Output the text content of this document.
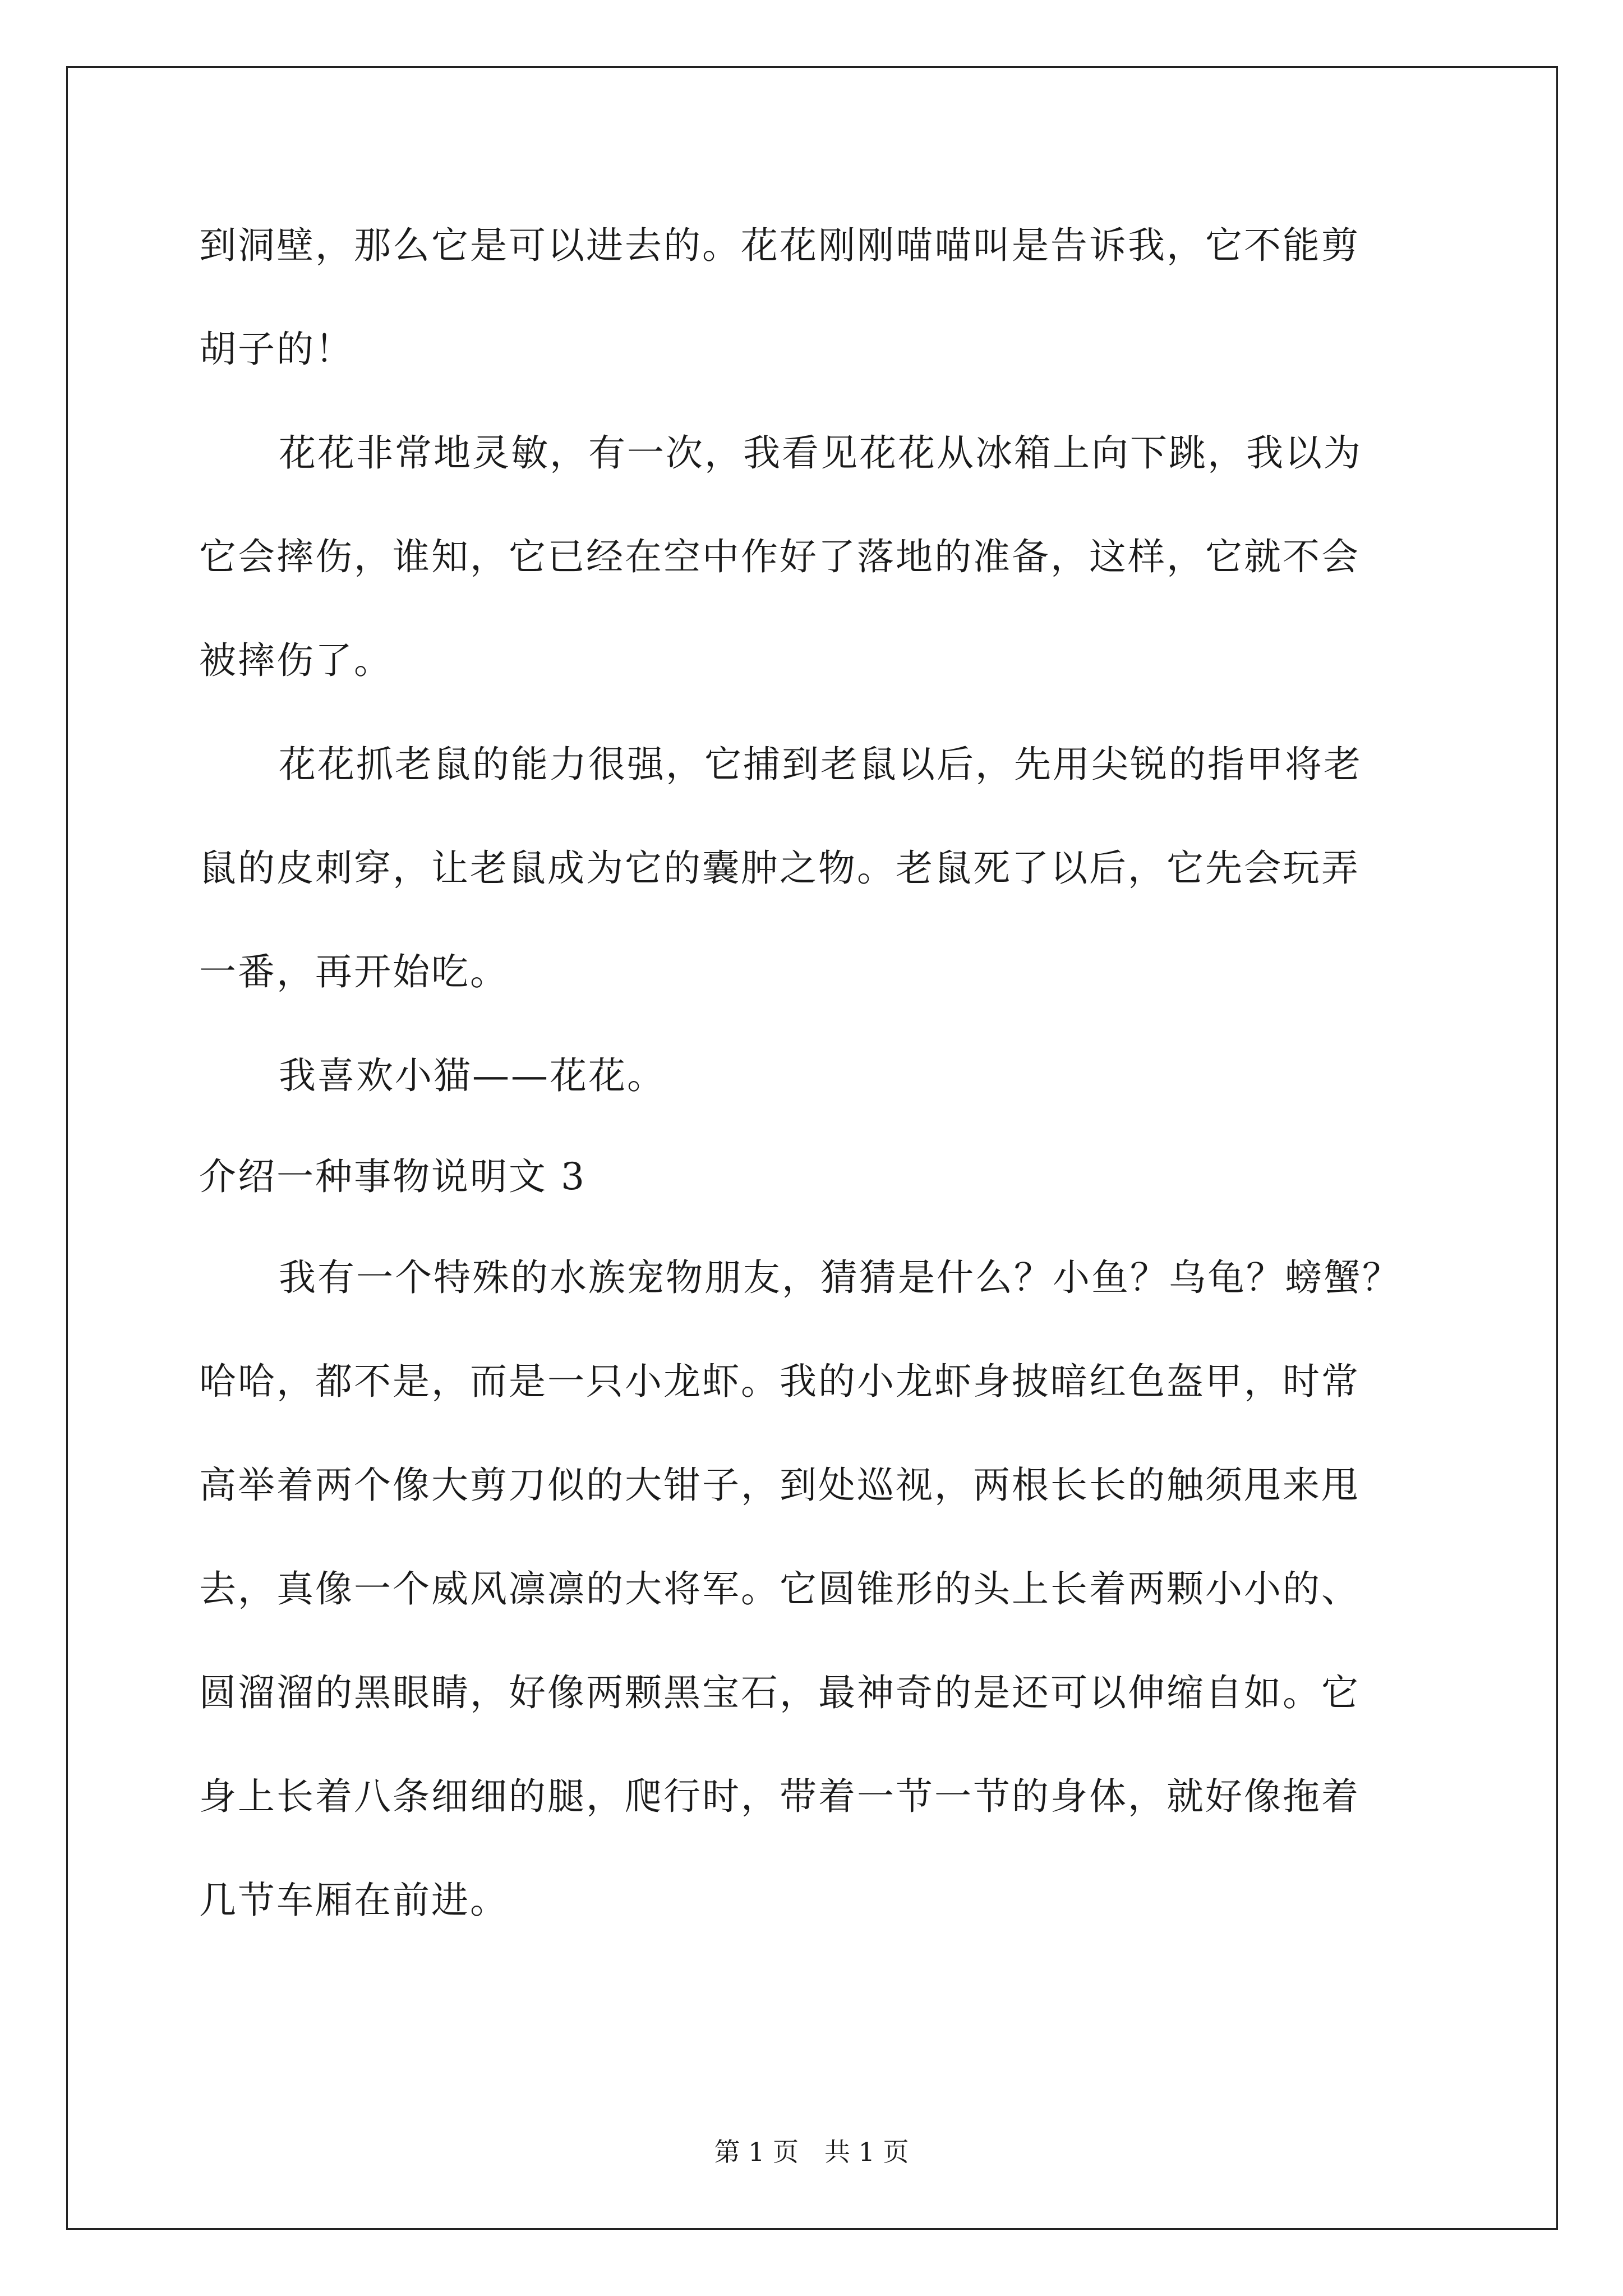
到洞壁，那么它是可以进去的。花花刚刚喵喵叫是告诉我，它不能剪
胡子的！
花花非常地灵敏，有一次，我看见花花从冰箱上向下跳，我以为
它会摔伤，谁知，它已经在空中作好了落地的准备，这样，它就不会
被摔伤了。
花花抓老鼠的能力很强，它捕到老鼠以后，先用尖锐的指甲将老
鼠的皮刺穿，让老鼠成为它的囊肿之物。老鼠死了以后，它先会玩弄
一番，再开始吃。
我喜欢小猫——花花。
介绍一种事物说明文 3
我有一个特殊的水族宠物朋友，猜猜是什么？小鱼？乌龟？螃蟹？
哈哈，都不是，而是一只小龙虾。我的小龙虾身披暗红色盔甲，时常
高举着两个像大剪刀似的大钳子，到处巡视，两根长长的触须甩来甩
去，真像一个威风凛凛的大将军。它圆锥形的头上长着两颗小小的、
圆溜溜的黑眼睛，好像两颗黑宝石，最神奇的是还可以伸缩自如。它
身上长着八条细细的腿，爬行时，带着一节一节的身体，就好像拖着
几节车厢在前进。
第 1 页　共 1 页
